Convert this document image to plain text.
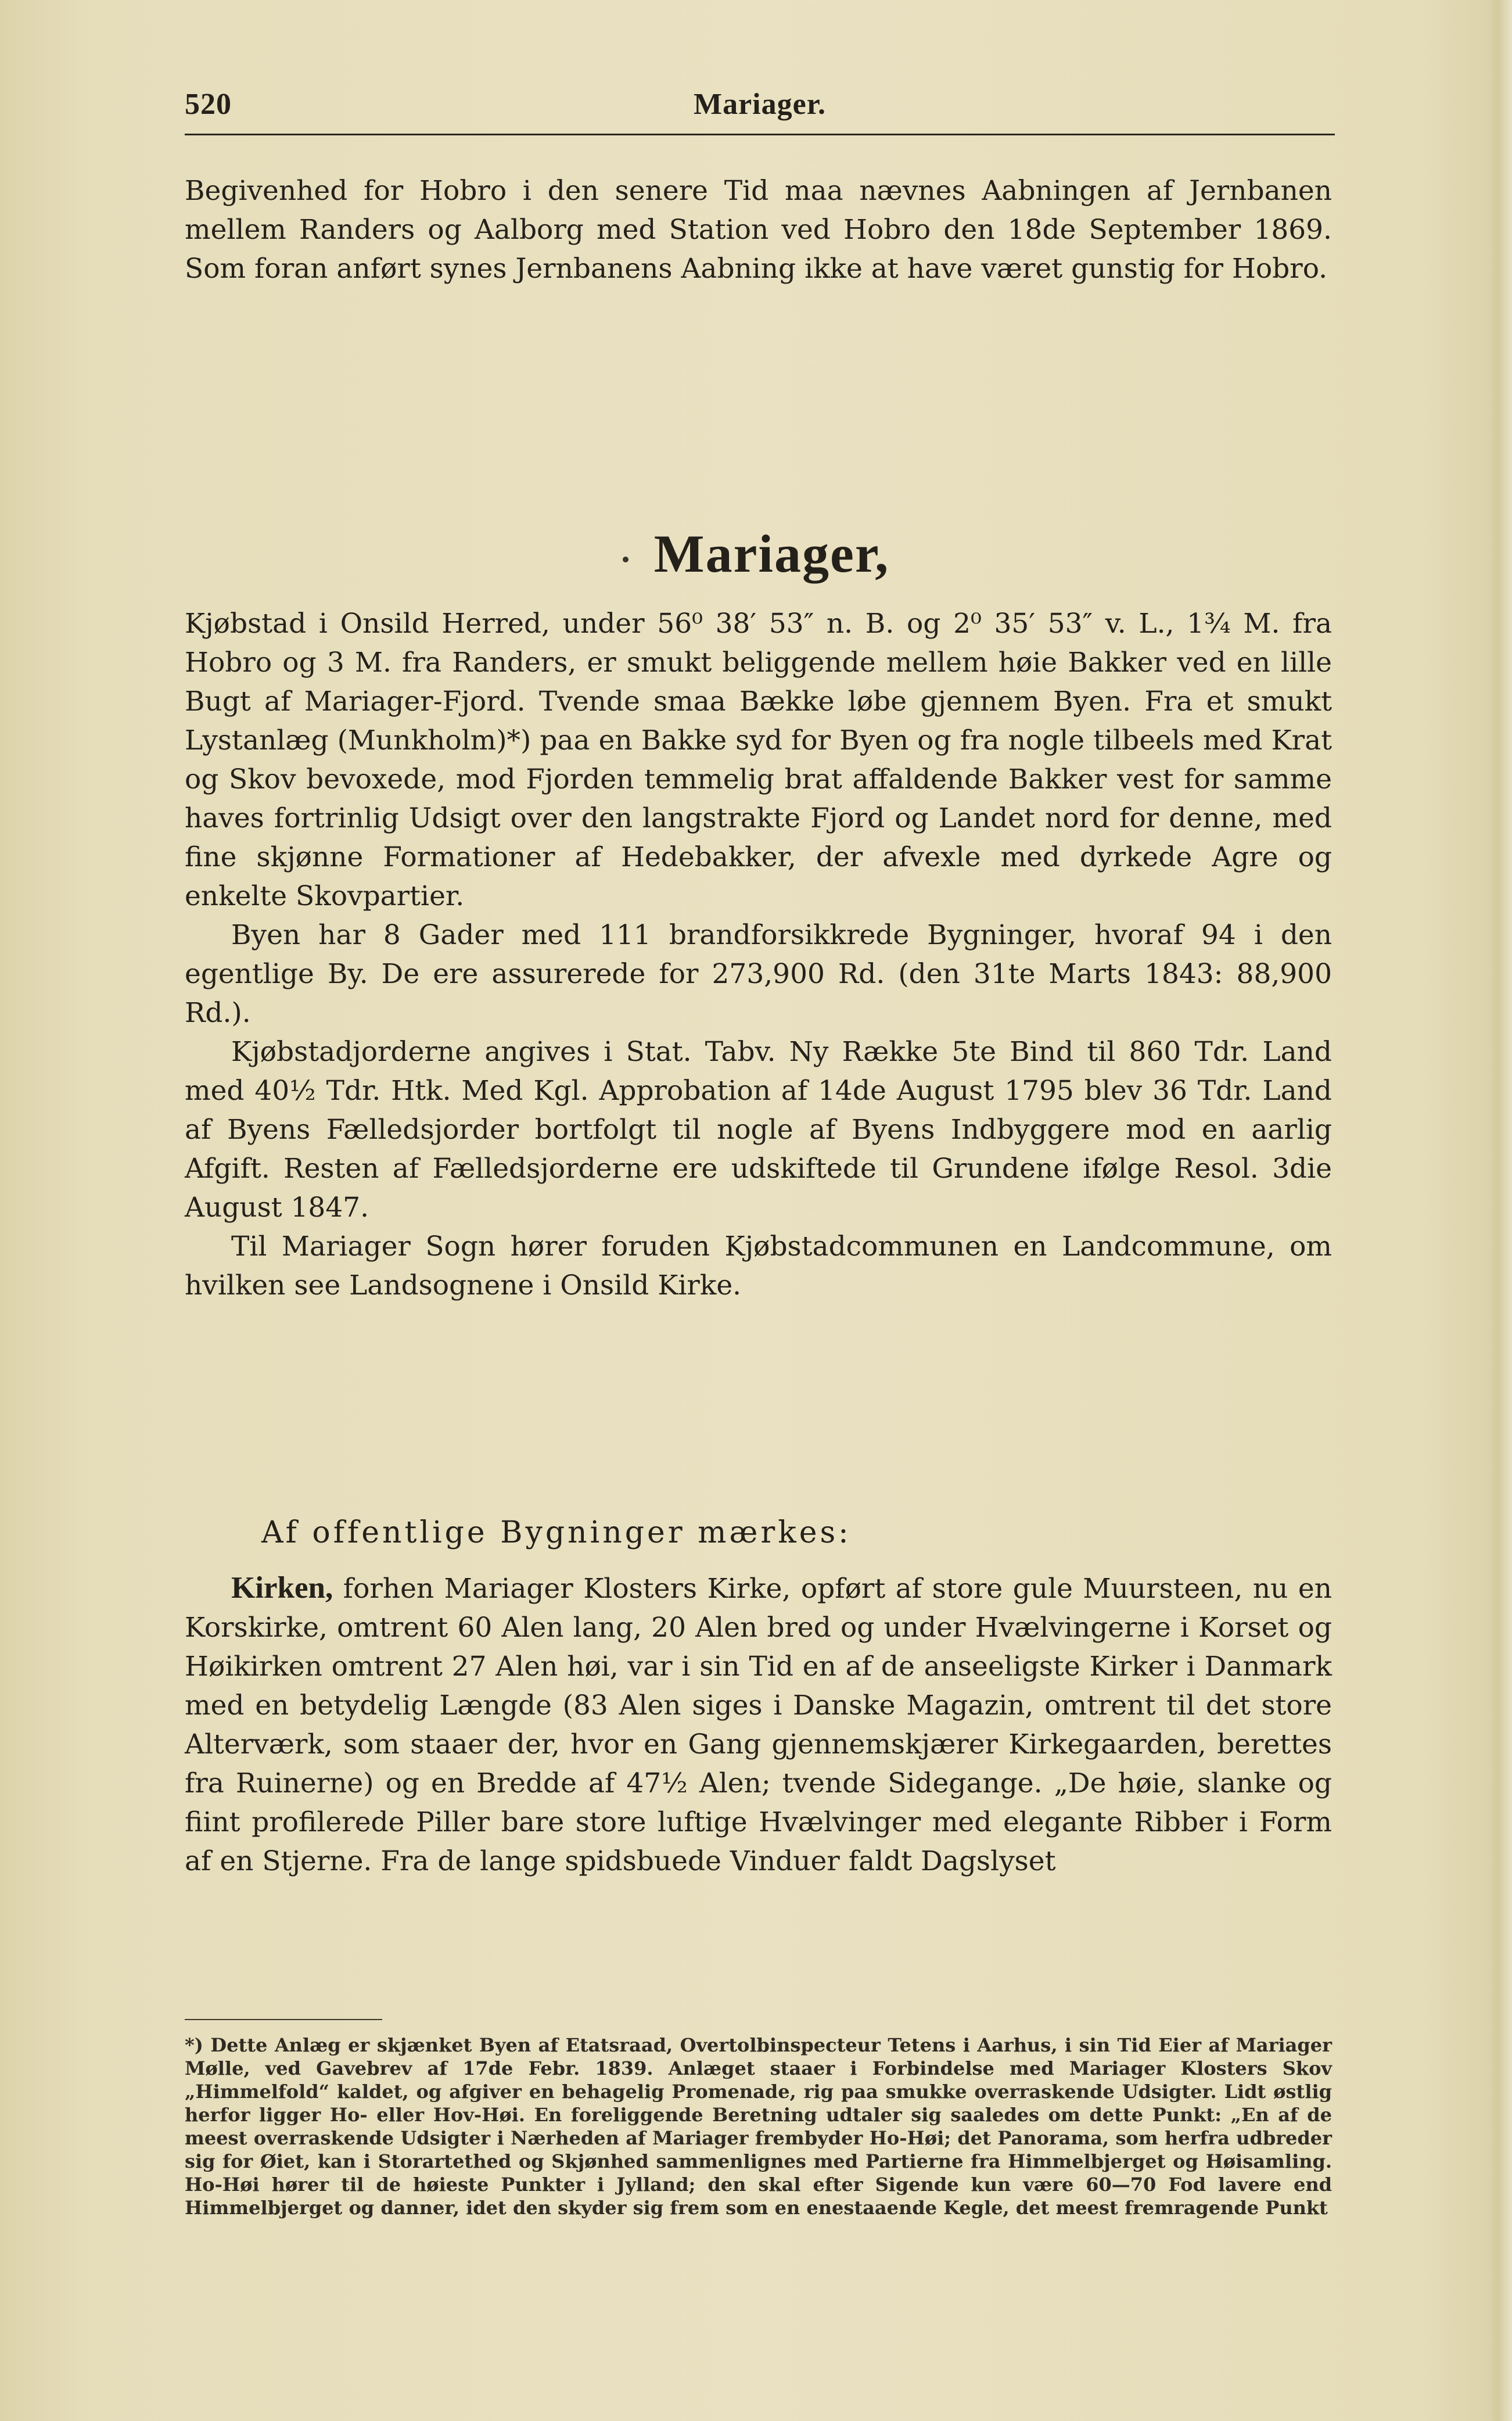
520	Mariager.

Begivenhed for Hobro i den senere Tid maa nævnes Aabningen af Jernbanen mellem Randers og Aalborg med Station ved Hobro den 18de September 1869. Som foran anført synes Jernbanens Aabning ikke at have været gunstig for Hobro.

Mariager,

Kjøbstad i Onsild Herred, under 56⁰ 38′ 53″ n. B. og 2⁰ 35′ 53″ v. L., 1¾ M. fra Hobro og 3 M. fra Randers, er smukt beliggende mellem høie Bakker ved en lille Bugt af Mariager-Fjord. Tvende smaa Bække løbe gjennem Byen. Fra et smukt Lystanlæg (Munkholm)*) paa en Bakke syd for Byen og fra nogle tilbeels med Krat og Skov bevoxede, mod Fjorden temmelig brat affaldende Bakker vest for samme haves fortrinlig Udsigt over den langstrakte Fjord og Landet nord for denne, med fine skjønne Formationer af Hedebakker, der afvexle med dyrkede Agre og enkelte Skovpartier.

Byen har 8 Gader med 111 brandforsikkrede Bygninger, hvoraf 94 i den egentlige By. De ere assurerede for 273,900 Rd. (den 31te Marts 1843: 88,900 Rd.).

Kjøbstadjorderne angives i Stat. Tabv. Ny Række 5te Bind til 860 Tdr. Land med 40½ Tdr. Htk. Med Kgl. Approbation af 14de August 1795 blev 36 Tdr. Land af Byens Fælledsjorder bortfolgt til nogle af Byens Indbyggere mod en aarlig Afgift. Resten af Fælledsjorderne ere udskiftede til Grundene ifølge Resol. 3die August 1847.

Til Mariager Sogn hører foruden Kjøbstadcommunen en Landcommune, om hvilken see Landsognene i Onsild Kirke.

Af offentlige Bygninger mærkes:

Kirken, forhen Mariager Klosters Kirke, opført af store gule Muursteen, nu en Korskirke, omtrent 60 Alen lang, 20 Alen bred og under Hvælvingerne i Korset og Høikirken omtrent 27 Alen høi, var i sin Tid en af de anseeligste Kirker i Danmark med en betydelig Længde (83 Alen siges i Danske Magazin, omtrent til det store Alterværk, som staaer der, hvor en Gang gjennemskjærer Kirkegaarden, berettes fra Ruinerne) og en Bredde af 47½ Alen; tvende Sidegange. „De høie, slanke og fiint profilerede Piller bare store luftige Hvælvinger med elegante Ribber i Form af en Stjerne. Fra de lange spidsbuede Vinduer faldt Dagslyset

*) Dette Anlæg er skjænket Byen af Etatsraad, Overtolbinspecteur Tetens i Aarhus, i sin Tid Eier af Mariager Mølle, ved Gavebrev af 17de Febr. 1839. Anlæget staaer i Forbindelse med Mariager Klosters Skov „Himmelfold“ kaldet, og afgiver en behagelig Promenade, rig paa smukke overraskende Udsigter. Lidt østlig herfor ligger Ho- eller Hov-Høi. En foreliggende Beretning udtaler sig saaledes om dette Punkt: „En af de meest overraskende Udsigter i Nærheden af Mariager frembyder Ho-Høi; det Panorama, som herfra udbreder sig for Øiet, kan i Storartethed og Skjønhed sammenlignes med Partierne fra Himmelbjerget og Høisamling. Ho-Høi hører til de høieste Punkter i Jylland; den skal efter Sigende kun være 60—70 Fod lavere end Himmelbjerget og danner, idet den skyder sig frem som en enestaaende Kegle, det meest fremragende Punkt
